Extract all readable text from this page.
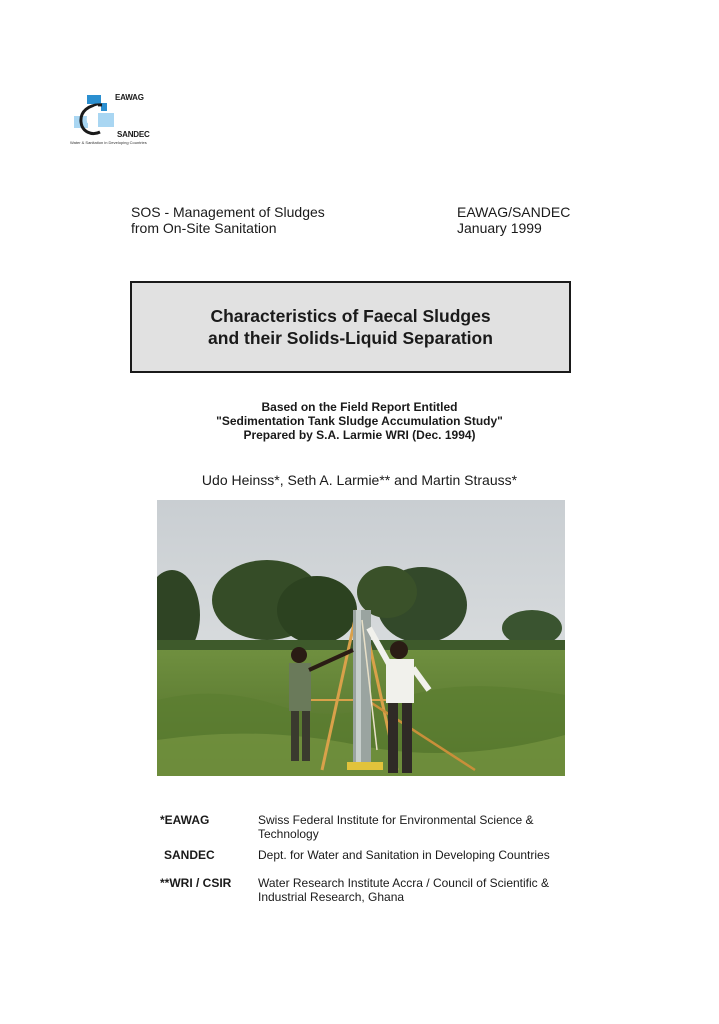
EAWAG
SANDEC
Water & Sanitation in Developing Countries
SOS - Management of Sludges
from On-Site Sanitation
EAWAG/SANDEC
January 1999
Characteristics of Faecal Sludges
and their Solids-Liquid Separation
Based on the Field Report Entitled
"Sedimentation Tank Sludge Accumulation Study"
Prepared by S.A. Larmie WRI (Dec. 1994)
Udo Heinss*, Seth A. Larmie** and Martin Strauss*
*EAWAG	Swiss Federal Institute for Environmental Science & Technology
SANDEC	Dept. for Water and Sanitation in Developing Countries
**WRI / CSIR Water Research Institute Accra / Council of Scientific & Industrial Research, Ghana
